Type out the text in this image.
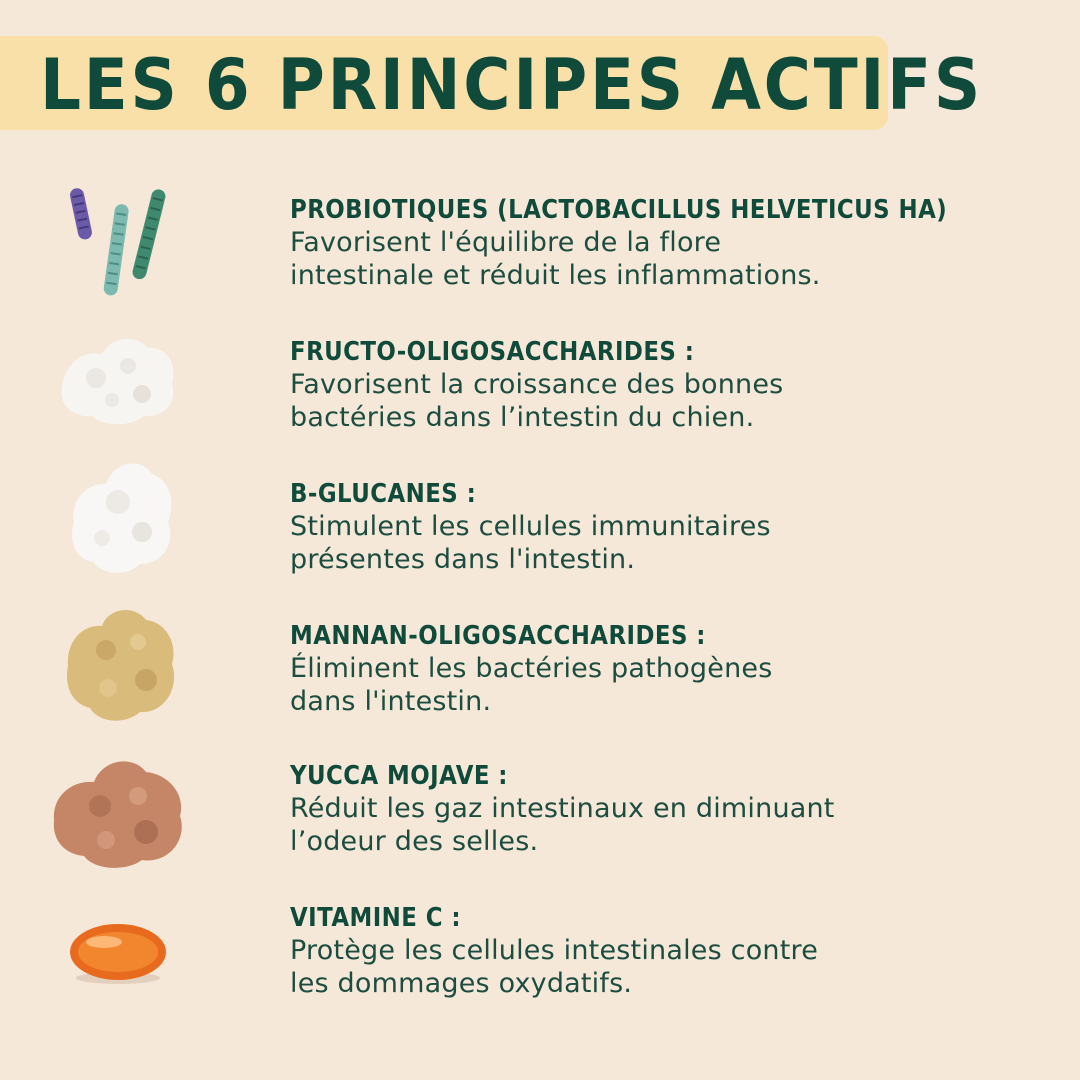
LES 6 PRINCIPES ACTIFS
PROBIOTIQUES (LACTOBACILLUS HELVETICUS HA)
Favorisent l'équilibre de la flore
intestinale et réduit les inflammations.
FRUCTO-OLIGOSACCHARIDES :
Favorisent la croissance des bonnes
bactéries dans l’intestin du chien.
B-GLUCANES :
Stimulent les cellules immunitaires
présentes dans l'intestin.
MANNAN-OLIGOSACCHARIDES :
Éliminent les bactéries pathogènes
dans l'intestin.
YUCCA MOJAVE :
Réduit les gaz intestinaux en diminuant
l’odeur des selles.
VITAMINE C :
Protège les cellules intestinales contre
les dommages oxydatifs.
